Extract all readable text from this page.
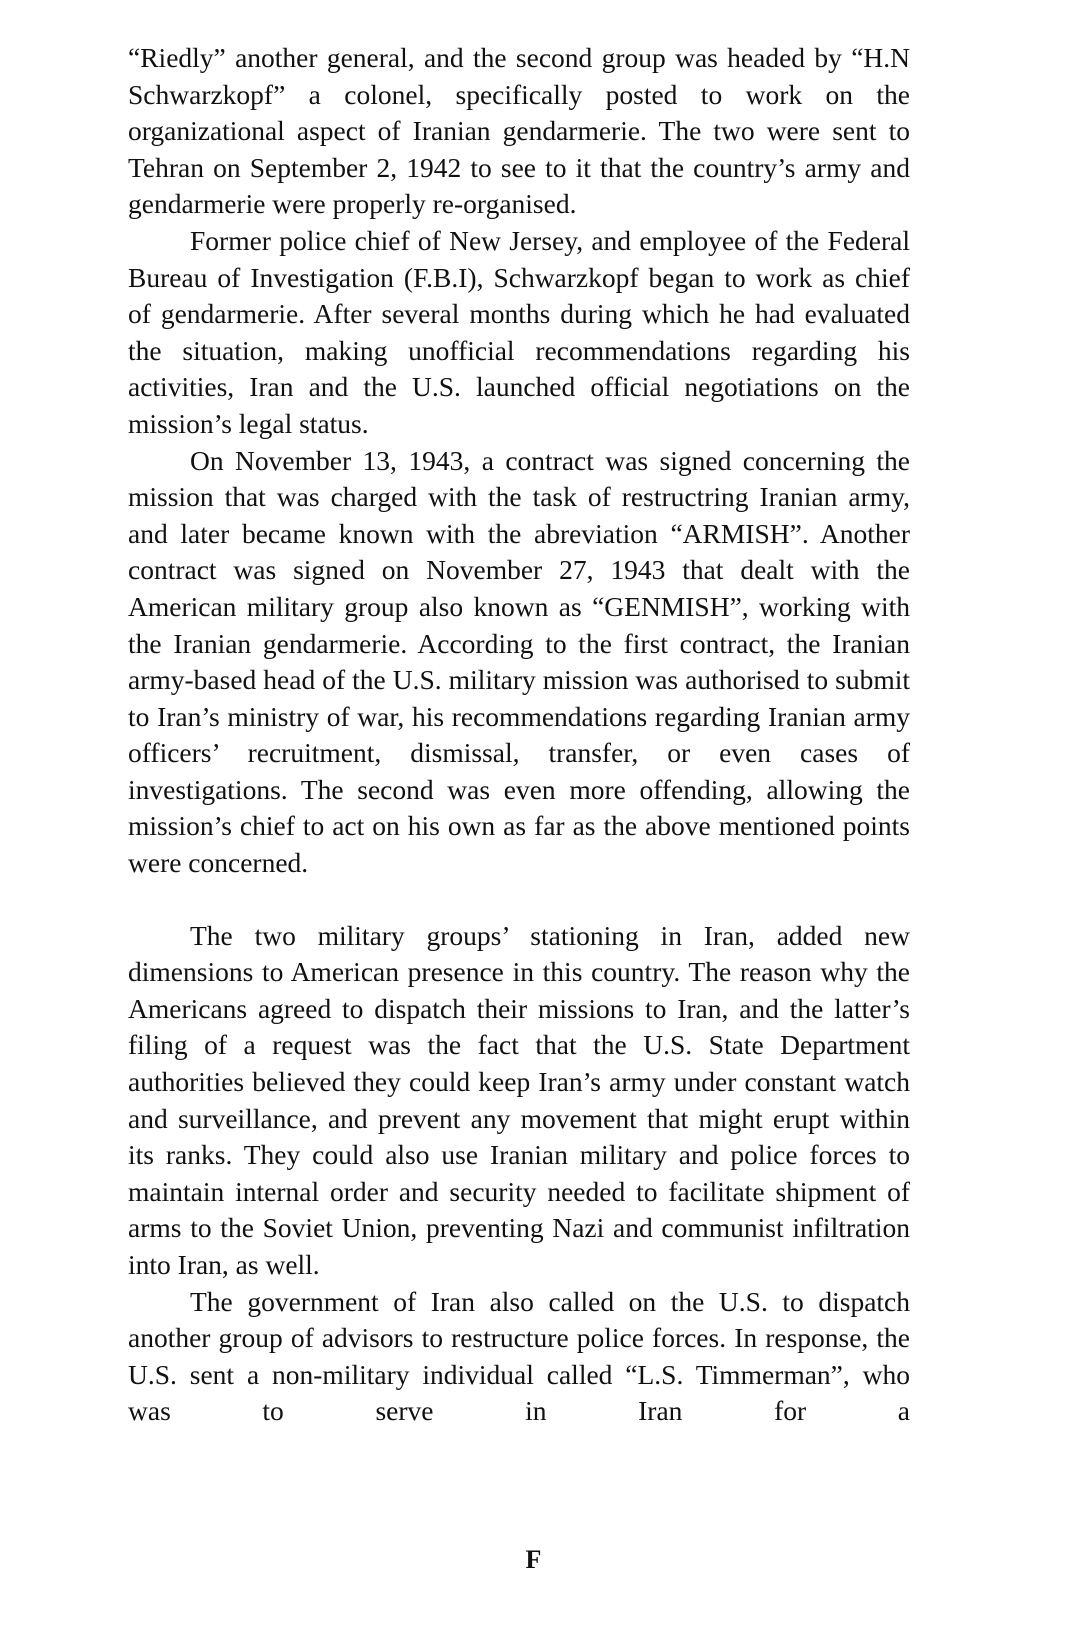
“Riedly” another general, and the second group was headed by “H.N Schwarzkopf” a colonel, specifically posted to work on the organizational aspect of Iranian gendarmerie. The two were sent to Tehran on September 2, 1942 to see to it that the country’s army and gendarmerie were properly re-organised.

Former police chief of New Jersey, and employee of the Federal Bureau of Investigation (F.B.I), Schwarzkopf began to work as chief of gendarmerie. After several months during which he had evaluated the situation, making unofficial recommendations regarding his activities, Iran and the U.S. launched official negotiations on the mission’s legal status.

On November 13, 1943, a contract was signed concerning the mission that was charged with the task of restructring Iranian army, and later became known with the abreviation “ARMISH”. Another contract was signed on November 27, 1943 that dealt with the American military group also known as “GENMISH”, working with the Iranian gendarmerie. According to the first contract, the Iranian army-based head of the U.S. military mission was authorised to submit to Iran’s ministry of war, his recommendations regarding Iranian army officers’ recruitment, dismissal, transfer, or even cases of investigations. The second was even more offending, allowing the mission’s chief to act on his own as far as the above mentioned points were concerned.

The two military groups’ stationing in Iran, added new dimensions to American presence in this country. The reason why the Americans agreed to dispatch their missions to Iran, and the latter’s filing of a request was the fact that the U.S. State Department authorities believed they could keep Iran’s army under constant watch and surveillance, and prevent any movement that might erupt within its ranks. They could also use Iranian military and police forces to maintain internal order and security needed to facilitate shipment of arms to the Soviet Union, preventing Nazi and communist infiltration into Iran, as well.

The government of Iran also called on the U.S. to dispatch another group of advisors to restructure police forces. In response, the U.S. sent a non-military individual called “L.S. Timmerman”, who was to serve in Iran for a

F
